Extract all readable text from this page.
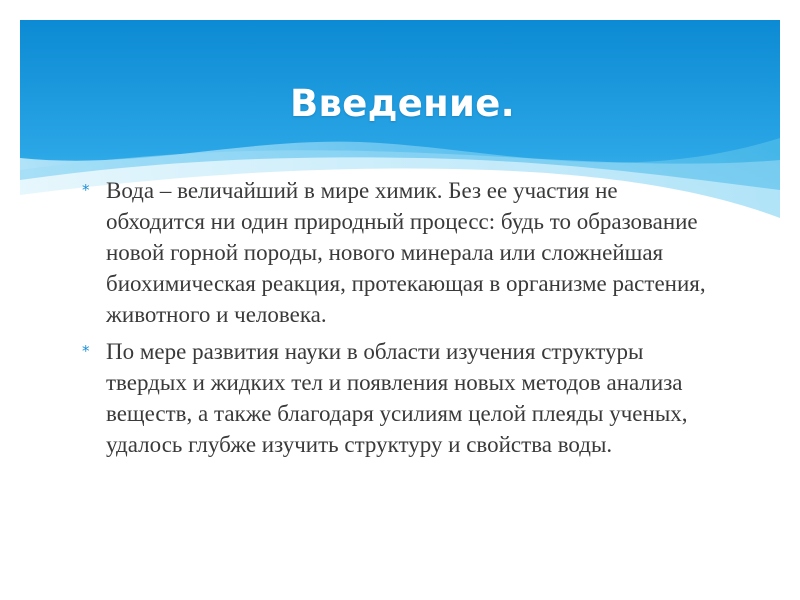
Введение.
* Вода – величайший в мире химик. Без ее участия не обходится ни один природный процесс: будь то образование новой горной породы, нового минерала или сложнейшая биохимическая реакция, протекающая в организме растения, животного и человека.
* По мере развития науки в области изучения структуры твердых и жидких тел и появления новых методов анализа веществ, а также благодаря усилиям целой плеяды ученых, удалось глубже изучить структуру и свойства воды.
